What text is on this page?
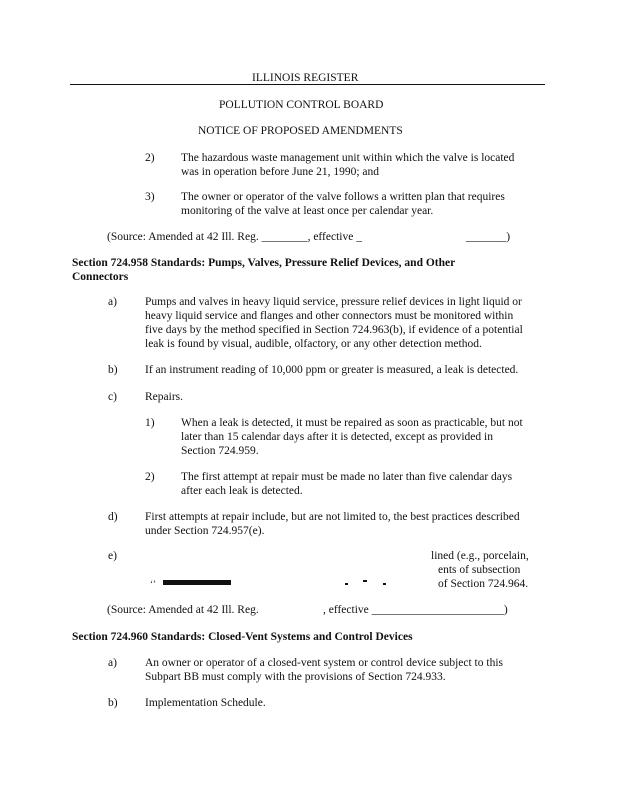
ILLINOIS REGISTER
POLLUTION CONTROL BOARD
NOTICE OF PROPOSED AMENDMENTS
2) The hazardous waste management unit within which the valve is located
was in operation before June 21, 1990; and
3) The owner or operator of the valve follows a written plan that requires
monitoring of the valve at least once per calendar year.
(Source: Amended at 42 Ill. Reg. ________, effective _	_______)
Section 724.958 Standards: Pumps, Valves, Pressure Relief Devices, and Other
Connectors
a) Pumps and valves in heavy liquid service, pressure relief devices in light liquid or
heavy liquid service and flanges and other connectors must be monitored within
five days by the method specified in Section 724.963(b), if evidence of a potential
leak is found by visual, audible, olfactory, or any other detection method.
b) If an instrument reading of 10,000 ppm or greater is measured, a leak is detected.
c) Repairs.
1) When a leak is detected, it must be repaired as soon as practicable, but not
later than 15 calendar days after it is detected, except as provided in
Section 724.959.
2) The first attempt at repair must be made no later than five calendar days
after each leak is detected.
d) First attempts at repair include, but are not limited to, the best practices described
under Section 724.957(e).
e)	lined (e.g., porcelain,
ents of subsection
ʻʼ	of Section 724.964.
(Source: Amended at 42 Ill. Reg.	, effective _______________________)
Section 724.960 Standards: Closed-Vent Systems and Control Devices
a) An owner or operator of a closed-vent system or control device subject to this
Subpart BB must comply with the provisions of Section 724.933.
b) Implementation Schedule.
